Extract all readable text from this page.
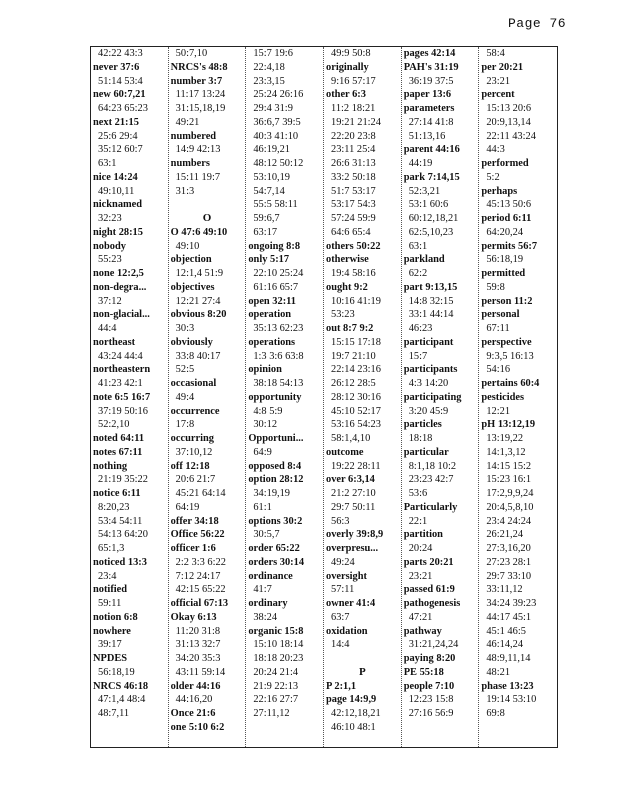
Page 76
42:22 43:3
never 37:6
51:14 53:4
new 60:7,21
64:23 65:23
next 21:15
25:6 29:4
35:12 60:7
63:1
nice 14:24
49:10,11
nicknamed
32:23
night 28:15
nobody
55:23
none 12:2,5
non-degra...
37:12
non-glacial...
44:4
northeast
43:24 44:4
northeastern
41:23 42:1
note 6:5 16:7
37:19 50:16
52:2,10
noted 64:11
notes 67:11
nothing
21:19 35:22
notice 6:11
8:20,23
53:4 54:11
54:13 64:20
65:1,3
noticed 13:3
23:4
notified
59:11
notion 6:8
nowhere
39:17
NPDES
56:18,19
NRCS 46:18
47:1,4 48:4
48:7,11
50:7,10
NRCS's 48:8
number 3:7
11:17 13:24
31:15,18,19
49:21
numbered
14:9 42:13
numbers
15:11 19:7
31:3
O
O 47:6 49:10
49:10
objection
12:1,4 51:9
objectives
12:21 27:4
obvious 8:20
30:3
obviously
33:8 40:17
52:5
occasional
49:4
occurrence
17:8
occurring
37:10,12
off 12:18
20:6 21:7
45:21 64:14
64:19
offer 34:18
Office 56:22
officer 1:6
2:2 3:3 6:22
7:12 24:17
42:15 65:22
official 67:13
Okay 6:13
11:20 31:8
31:13 32:7
34:20 35:3
43:11 59:14
older 44:16
44:16,20
Once 21:6
one 5:10 6:2
15:7 19:6
22:4,18
23:3,15
25:24 26:16
29:4 31:9
36:6,7 39:5
40:3 41:10
46:19,21
48:12 50:12
53:10,19
54:7,14
55:5 58:11
59:6,7
63:17
ongoing 8:8
only 5:17
22:10 25:24
61:16 65:7
open 32:11
operation
35:13 62:23
operations
1:3 3:6 63:8
opinion
38:18 54:13
opportunity
4:8 5:9
30:12
Opportuni...
64:9
opposed 8:4
option 28:12
34:19,19
61:1
options 30:2
30:5,7
order 65:22
orders 30:14
ordinance
41:7
ordinary
38:24
organic 15:8
15:10 18:14
18:18 20:23
20:24 21:4
21:9 22:13
22:16 27:7
27:11,12
49:9 50:8
originally
9:16 57:17
other 6:3
11:2 18:21
19:21 21:24
22:20 23:8
23:11 25:4
26:6 31:13
33:2 50:18
51:7 53:17
53:17 54:3
57:24 59:9
64:6 65:4
others 50:22
otherwise
19:4 58:16
ought 9:2
10:16 41:19
53:23
out 8:7 9:2
15:15 17:18
19:7 21:10
22:14 23:16
26:12 28:5
28:12 30:16
45:10 52:17
53:16 54:23
58:1,4,10
outcome
19:22 28:11
over 6:3,14
21:2 27:10
29:7 50:11
56:3
overly 39:8,9
overpresu...
49:24
oversight
57:11
owner 41:4
63:7
oxidation
14:4
P
P 2:1,1
page 14:9,9
42:12,18,21
46:10 48:1
pages 42:14
PAH's 31:19
36:19 37:5
paper 13:6
parameters
27:14 41:8
51:13,16
parent 44:16
44:19
park 7:14,15
52:3,21
53:1 60:6
60:12,18,21
62:5,10,23
63:1
parkland
62:2
part 9:13,15
14:8 32:15
33:1 44:14
46:23
participant
15:7
participants
4:3 14:20
participating
3:20 45:9
particles
18:18
particular
8:1,18 10:2
23:23 42:7
53:6
Particularly
22:1
partition
20:24
parts 20:21
23:21
passed 61:9
pathogenesis
47:21
pathway
31:21,24,24
paying 8:20
PE 55:18
people 7:10
12:23 15:8
27:16 56:9
58:4
per 20:21
23:21
percent
15:13 20:6
20:9,13,14
22:11 43:24
44:3
performed
5:2
perhaps
45:13 50:6
period 6:11
64:20,24
permits 56:7
56:18,19
permitted
59:8
person 11:2
personal
67:11
perspective
9:3,5 16:13
54:16
pertains 60:4
pesticides
12:21
pH 13:12,19
13:19,22
14:1,3,12
14:15 15:2
15:23 16:1
17:2,9,9,24
20:4,5,8,10
23:4 24:24
26:21,24
27:3,16,20
27:23 28:1
29:7 33:10
33:11,12
34:24 39:23
44:17 45:1
45:1 46:5
46:14,24
48:9,11,14
48:21
phase 13:23
19:14 53:10
69:8
